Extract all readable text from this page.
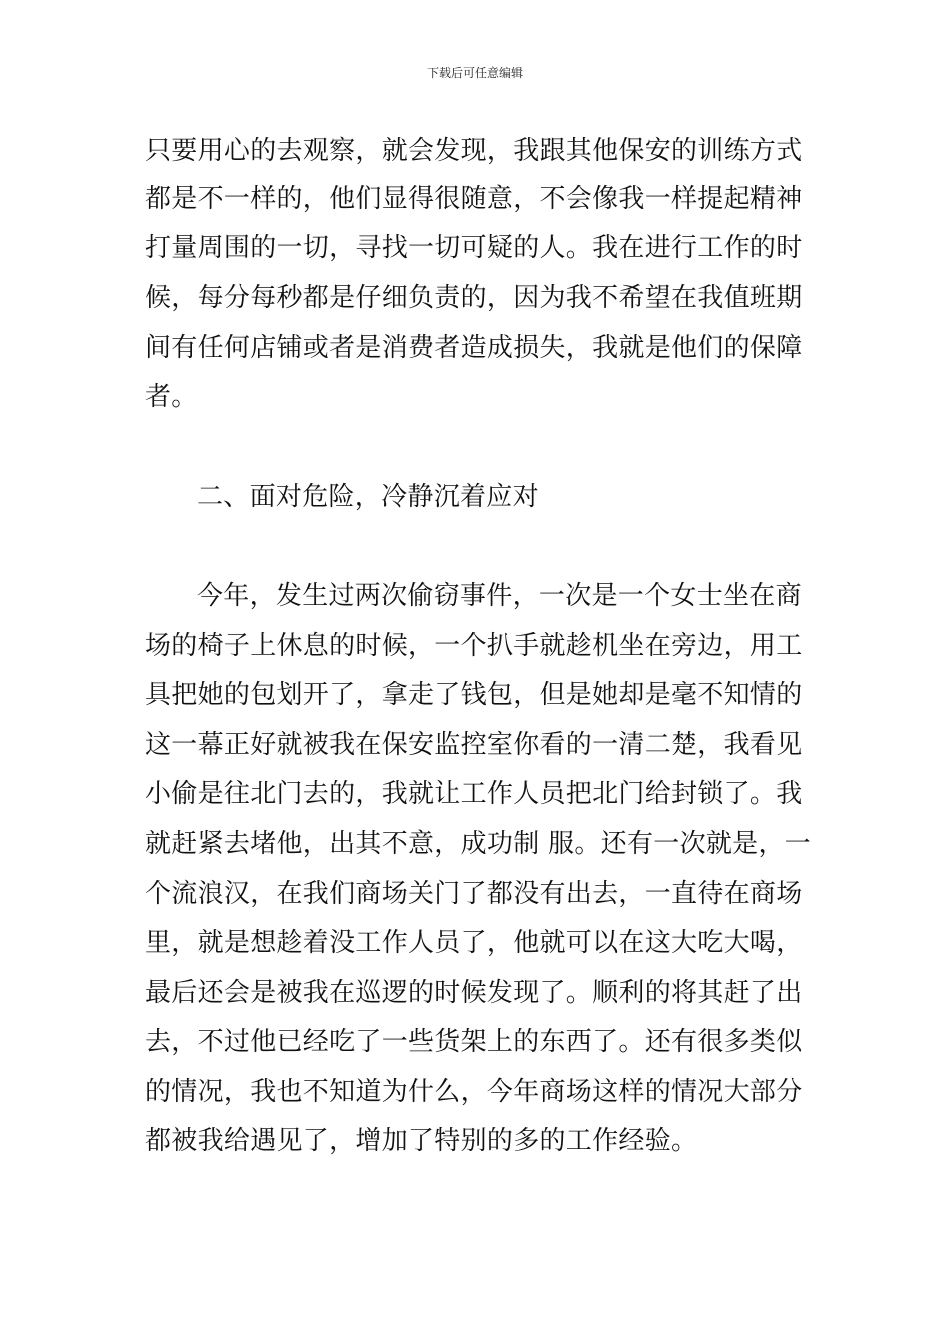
下载后可任意编辑
只要用心的去观察，就会发现，我跟其他保安的训练方式
都是不一样的，他们显得很随意，不会像我一样提起精神
打量周围的一切，寻找一切可疑的人。我在进行工作的时
候，每分每秒都是仔细负责的，因为我不希望在我值班期
间有任何店铺或者是消费者造成损失，我就是他们的保障
者。
二、面对危险，冷静沉着应对
今年，发生过两次偷窃事件，一次是一个女士坐在商
场的椅子上休息的时候，一个扒手就趁机坐在旁边，用工
具把她的包划开了，拿走了钱包，但是她却是毫不知情的
这一幕正好就被我在保安监控室你看的一清二楚，我看见
小偷是往北门去的，我就让工作人员把北门给封锁了。我
就赶紧去堵他，出其不意，成功制 服。还有一次就是，一
个流浪汉，在我们商场关门了都没有出去，一直待在商场
里，就是想趁着没工作人员了，他就可以在这大吃大喝，
最后还会是被我在巡逻的时候发现了。顺利的将其赶了出
去，不过他已经吃了一些货架上的东西了。还有很多类似
的情况，我也不知道为什么，今年商场这样的情况大部分
都被我给遇见了，增加了特别的多的工作经验。
